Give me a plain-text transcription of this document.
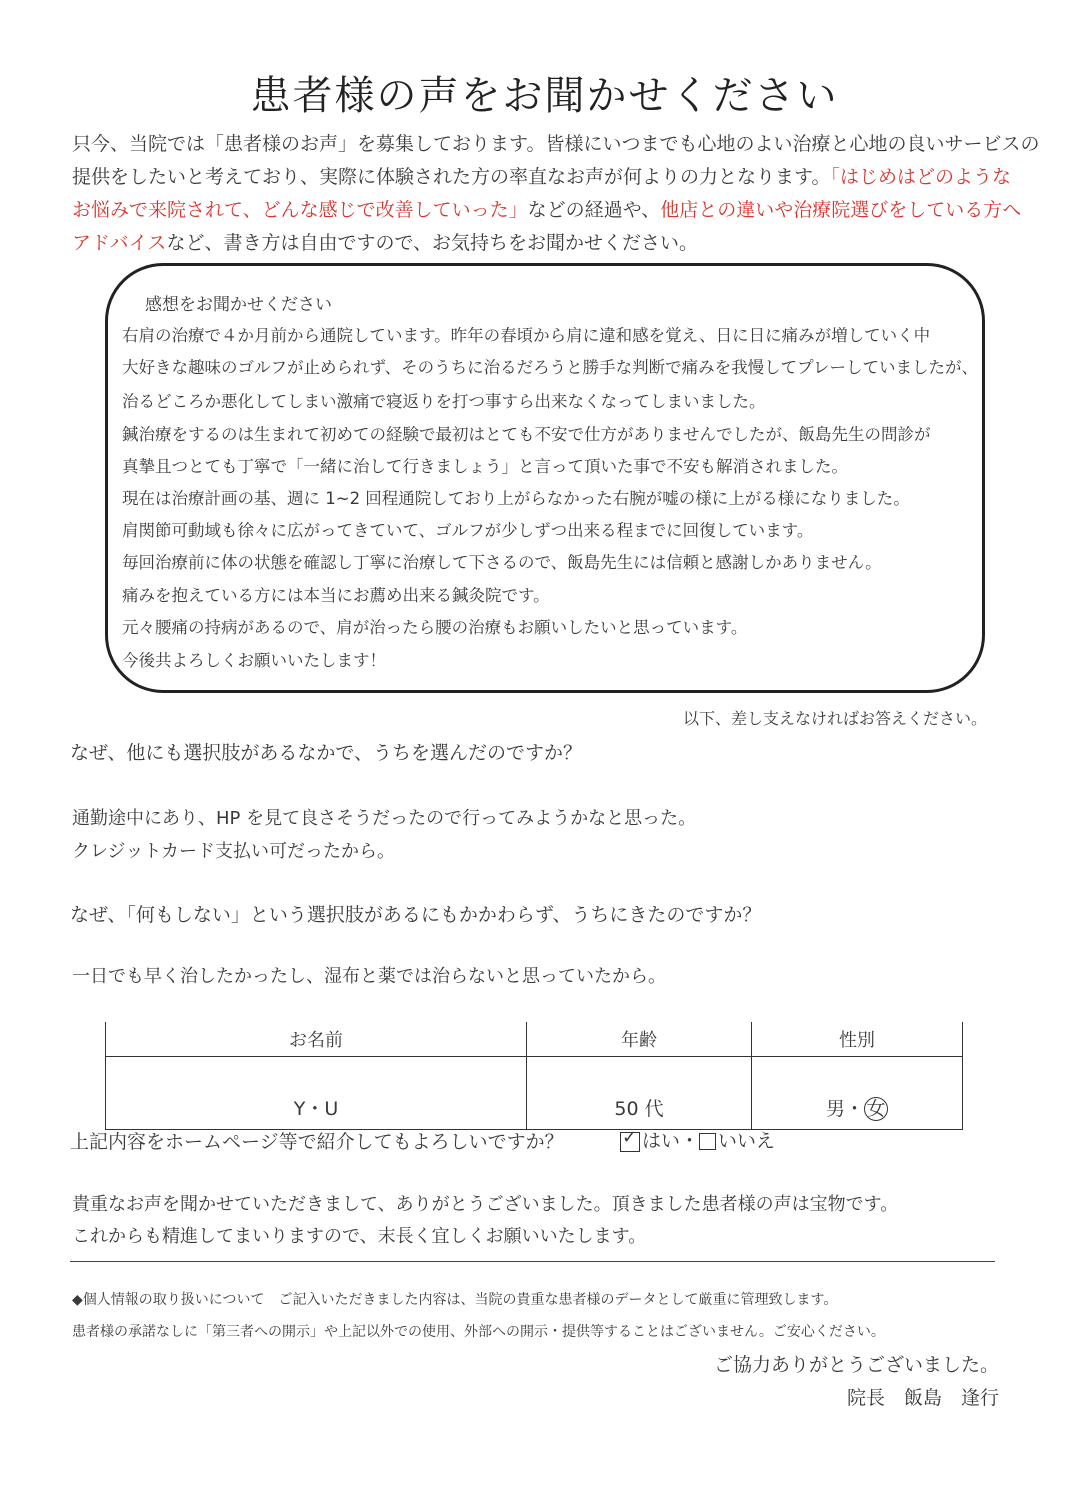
患者様の声をお聞かせください
只今、当院では「患者様のお声」を募集しております。皆様にいつまでも心地のよい治療と心地の良いサービスの
提供をしたいと考えており、実際に体験された方の率直なお声が何よりの力となります。「はじめはどのような
お悩みで来院されて、どんな感じで改善していった」などの経過や、他店との違いや治療院選びをしている方へ
アドバイスなど、書き方は自由ですので、お気持ちをお聞かせください。
感想をお聞かせください
右肩の治療で４か月前から通院しています。昨年の春頃から肩に違和感を覚え、日に日に痛みが増していく中
大好きな趣味のゴルフが止められず、そのうちに治るだろうと勝手な判断で痛みを我慢してプレーしていましたが、
治るどころか悪化してしまい激痛で寝返りを打つ事すら出来なくなってしまいました。
鍼治療をするのは生まれて初めての経験で最初はとても不安で仕方がありませんでしたが、飯島先生の問診が
真摯且つとても丁寧で「一緒に治して行きましょう」と言って頂いた事で不安も解消されました。
現在は治療計画の基、週に 1~2 回程通院しており上がらなかった右腕が嘘の様に上がる様になりました。
肩関節可動域も徐々に広がってきていて、ゴルフが少しずつ出来る程までに回復しています。
毎回治療前に体の状態を確認し丁寧に治療して下さるので、飯島先生には信頼と感謝しかありません。
痛みを抱えている方には本当にお薦め出来る鍼灸院です。
元々腰痛の持病があるので、肩が治ったら腰の治療もお願いしたいと思っています。
今後共よろしくお願いいたします！
以下、差し支えなければお答えください。
なぜ、他にも選択肢があるなかで、うちを選んだのですか？
通勤途中にあり、HP を見て良さそうだったので行ってみようかなと思った。
クレジットカード支払い可だったから。
なぜ、「何もしない」という選択肢があるにもかかわらず、うちにきたのですか？
一日でも早く治したかったし、湿布と薬では治らないと思っていたから。
お名前	年齢	性別
Y・U	50 代	男・ 女
上記内容をホームページ等で紹介してもよろしいですか？ ✓	はい・ いいえ
貴重なお声を聞かせていただきまして、ありがとうございました。頂きました患者様の声は宝物です。
これからも精進してまいりますので、末長く宜しくお願いいたします。
◆個人情報の取り扱いについて　ご記入いただきました内容は、当院の貴重な患者様のデータとして厳重に管理致します。
患者様の承諾なしに「第三者への開示」や上記以外での使用、外部への開示・提供等することはございません。ご安心ください。
ご協力ありがとうございました。
院長　飯島　逢行
